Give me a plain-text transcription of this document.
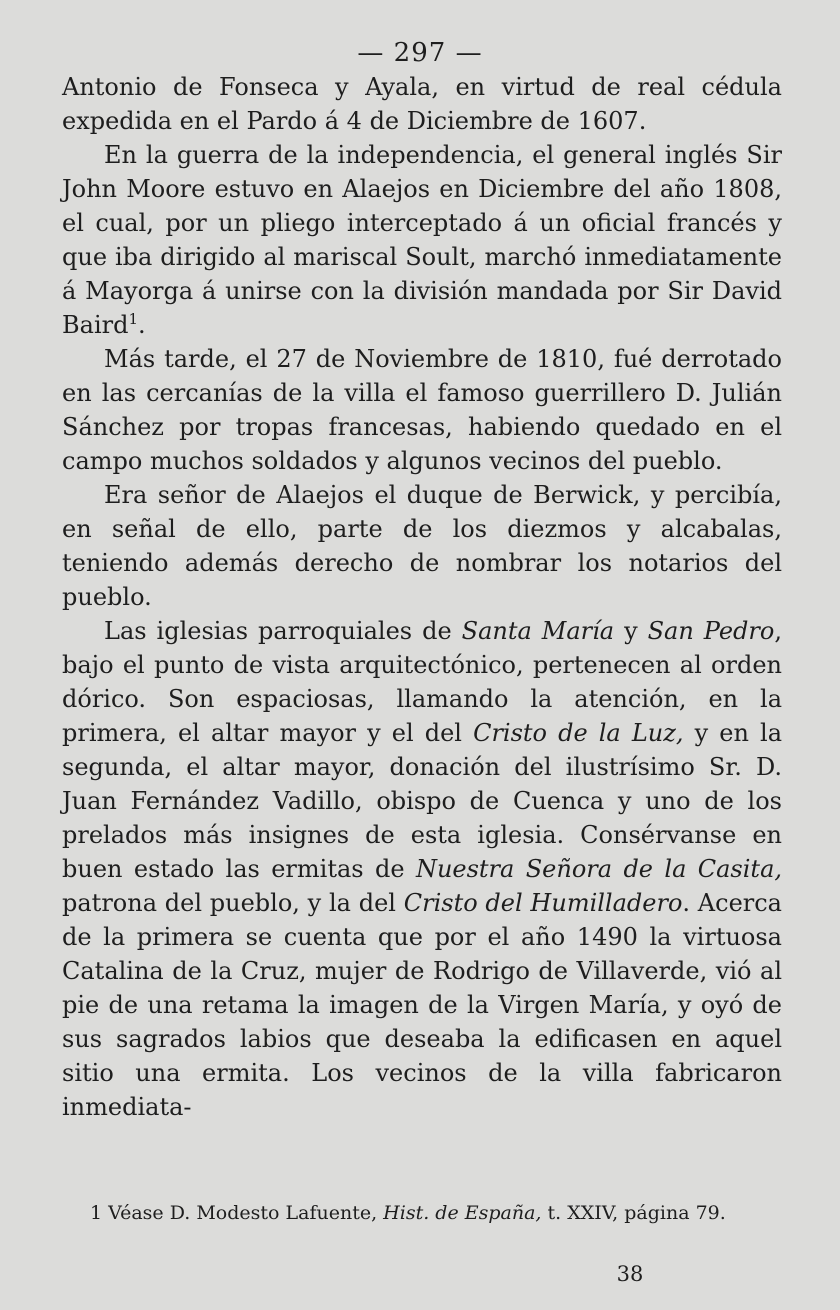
— 297 —

Antonio de Fonseca y Ayala, en virtud de real cédula expedida en el Pardo á 4 de Diciembre de 1607.

En la guerra de la independencia, el general inglés Sir John Moore estuvo en Alaejos en Diciembre del año 1808, el cual, por un pliego interceptado á un oficial francés y que iba dirigido al mariscal Soult, marchó inmediatamente á Mayorga á unirse con la división mandada por Sir David Baird$^1$.

Más tarde, el 27 de Noviembre de 1810, fué derrotado en las cercanías de la villa el famoso guerrillero D. Julián Sánchez por tropas francesas, habiendo quedado en el campo muchos soldados y algunos vecinos del pueblo.

Era señor de Alaejos el duque de Berwick, y percibía, en señal de ello, parte de los diezmos y alcabalas, teniendo además derecho de nombrar los notarios del pueblo.

Las iglesias parroquiales de Santa María y San Pedro, bajo el punto de vista arquitectónico, pertenecen al orden dórico. Son espaciosas, llamando la atención, en la primera, el altar mayor y el del Cristo de la Luz, y en la segunda, el altar mayor, donación del ilustrísimo Sr. D. Juan Fernández Vadillo, obispo de Cuenca y uno de los prelados más insignes de esta iglesia. Consérvanse en buen estado las ermitas de Nuestra Señora de la Casita, patrona del pueblo, y la del Cristo del Humilladero. Acerca de la primera se cuenta que por el año 1490 la virtuosa Catalina de la Cruz, mujer de Rodrigo de Villaverde, vió al pie de una retama la imagen de la Virgen María, y oyó de sus sagrados labios que deseaba la edificasen en aquel sitio una ermita. Los vecinos de la villa fabricaron inmediata-

1 Véase D. Modesto Lafuente, Hist. de España, t. XXIV, página 79.

38
